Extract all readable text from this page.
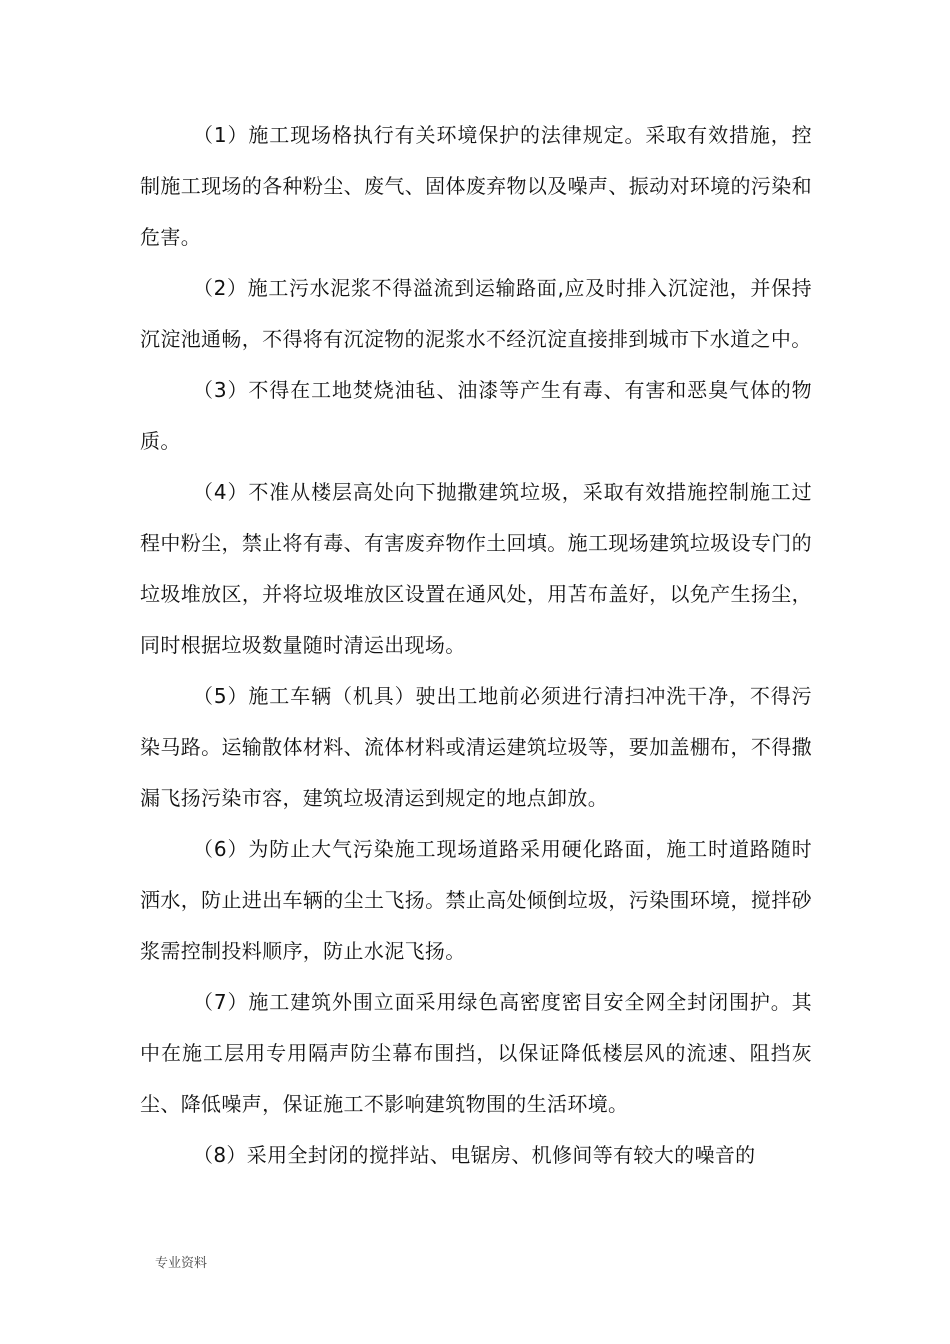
（1）施工现场格执行有关环境保护的法律规定。采取有效措施，控制施工现场的各种粉尘、废气、固体废弃物以及噪声、振动对环境的污染和危害。

（2）施工污水泥浆不得溢流到运输路面,应及时排入沉淀池，并保持沉淀池通畅，不得将有沉淀物的泥浆水不经沉淀直接排到城市下水道之中。

（3）不得在工地焚烧油毡、油漆等产生有毒、有害和恶臭气体的物质。

（4）不准从楼层高处向下抛撒建筑垃圾，采取有效措施控制施工过程中粉尘，禁止将有毒、有害废弃物作土回填。施工现场建筑垃圾设专门的垃圾堆放区，并将垃圾堆放区设置在通风处，用苫布盖好，以免产生扬尘，同时根据垃圾数量随时清运出现场。

（5）施工车辆（机具）驶出工地前必须进行清扫冲洗干净，不得污染马路。运输散体材料、流体材料或清运建筑垃圾等，要加盖棚布，不得撒漏飞扬污染市容，建筑垃圾清运到规定的地点卸放。

（6）为防止大气污染施工现场道路采用硬化路面，施工时道路随时洒水，防止进出车辆的尘土飞扬。禁止高处倾倒垃圾，污染围环境，搅拌砂浆需控制投料顺序，防止水泥飞扬。

（7）施工建筑外围立面采用绿色高密度密目安全网全封闭围护。其中在施工层用专用隔声防尘幕布围挡，以保证降低楼层风的流速、阻挡灰尘、降低噪声，保证施工不影响建筑物围的生活环境。

（8）采用全封闭的搅拌站、电锯房、机修间等有较大的噪音的

专业资料
